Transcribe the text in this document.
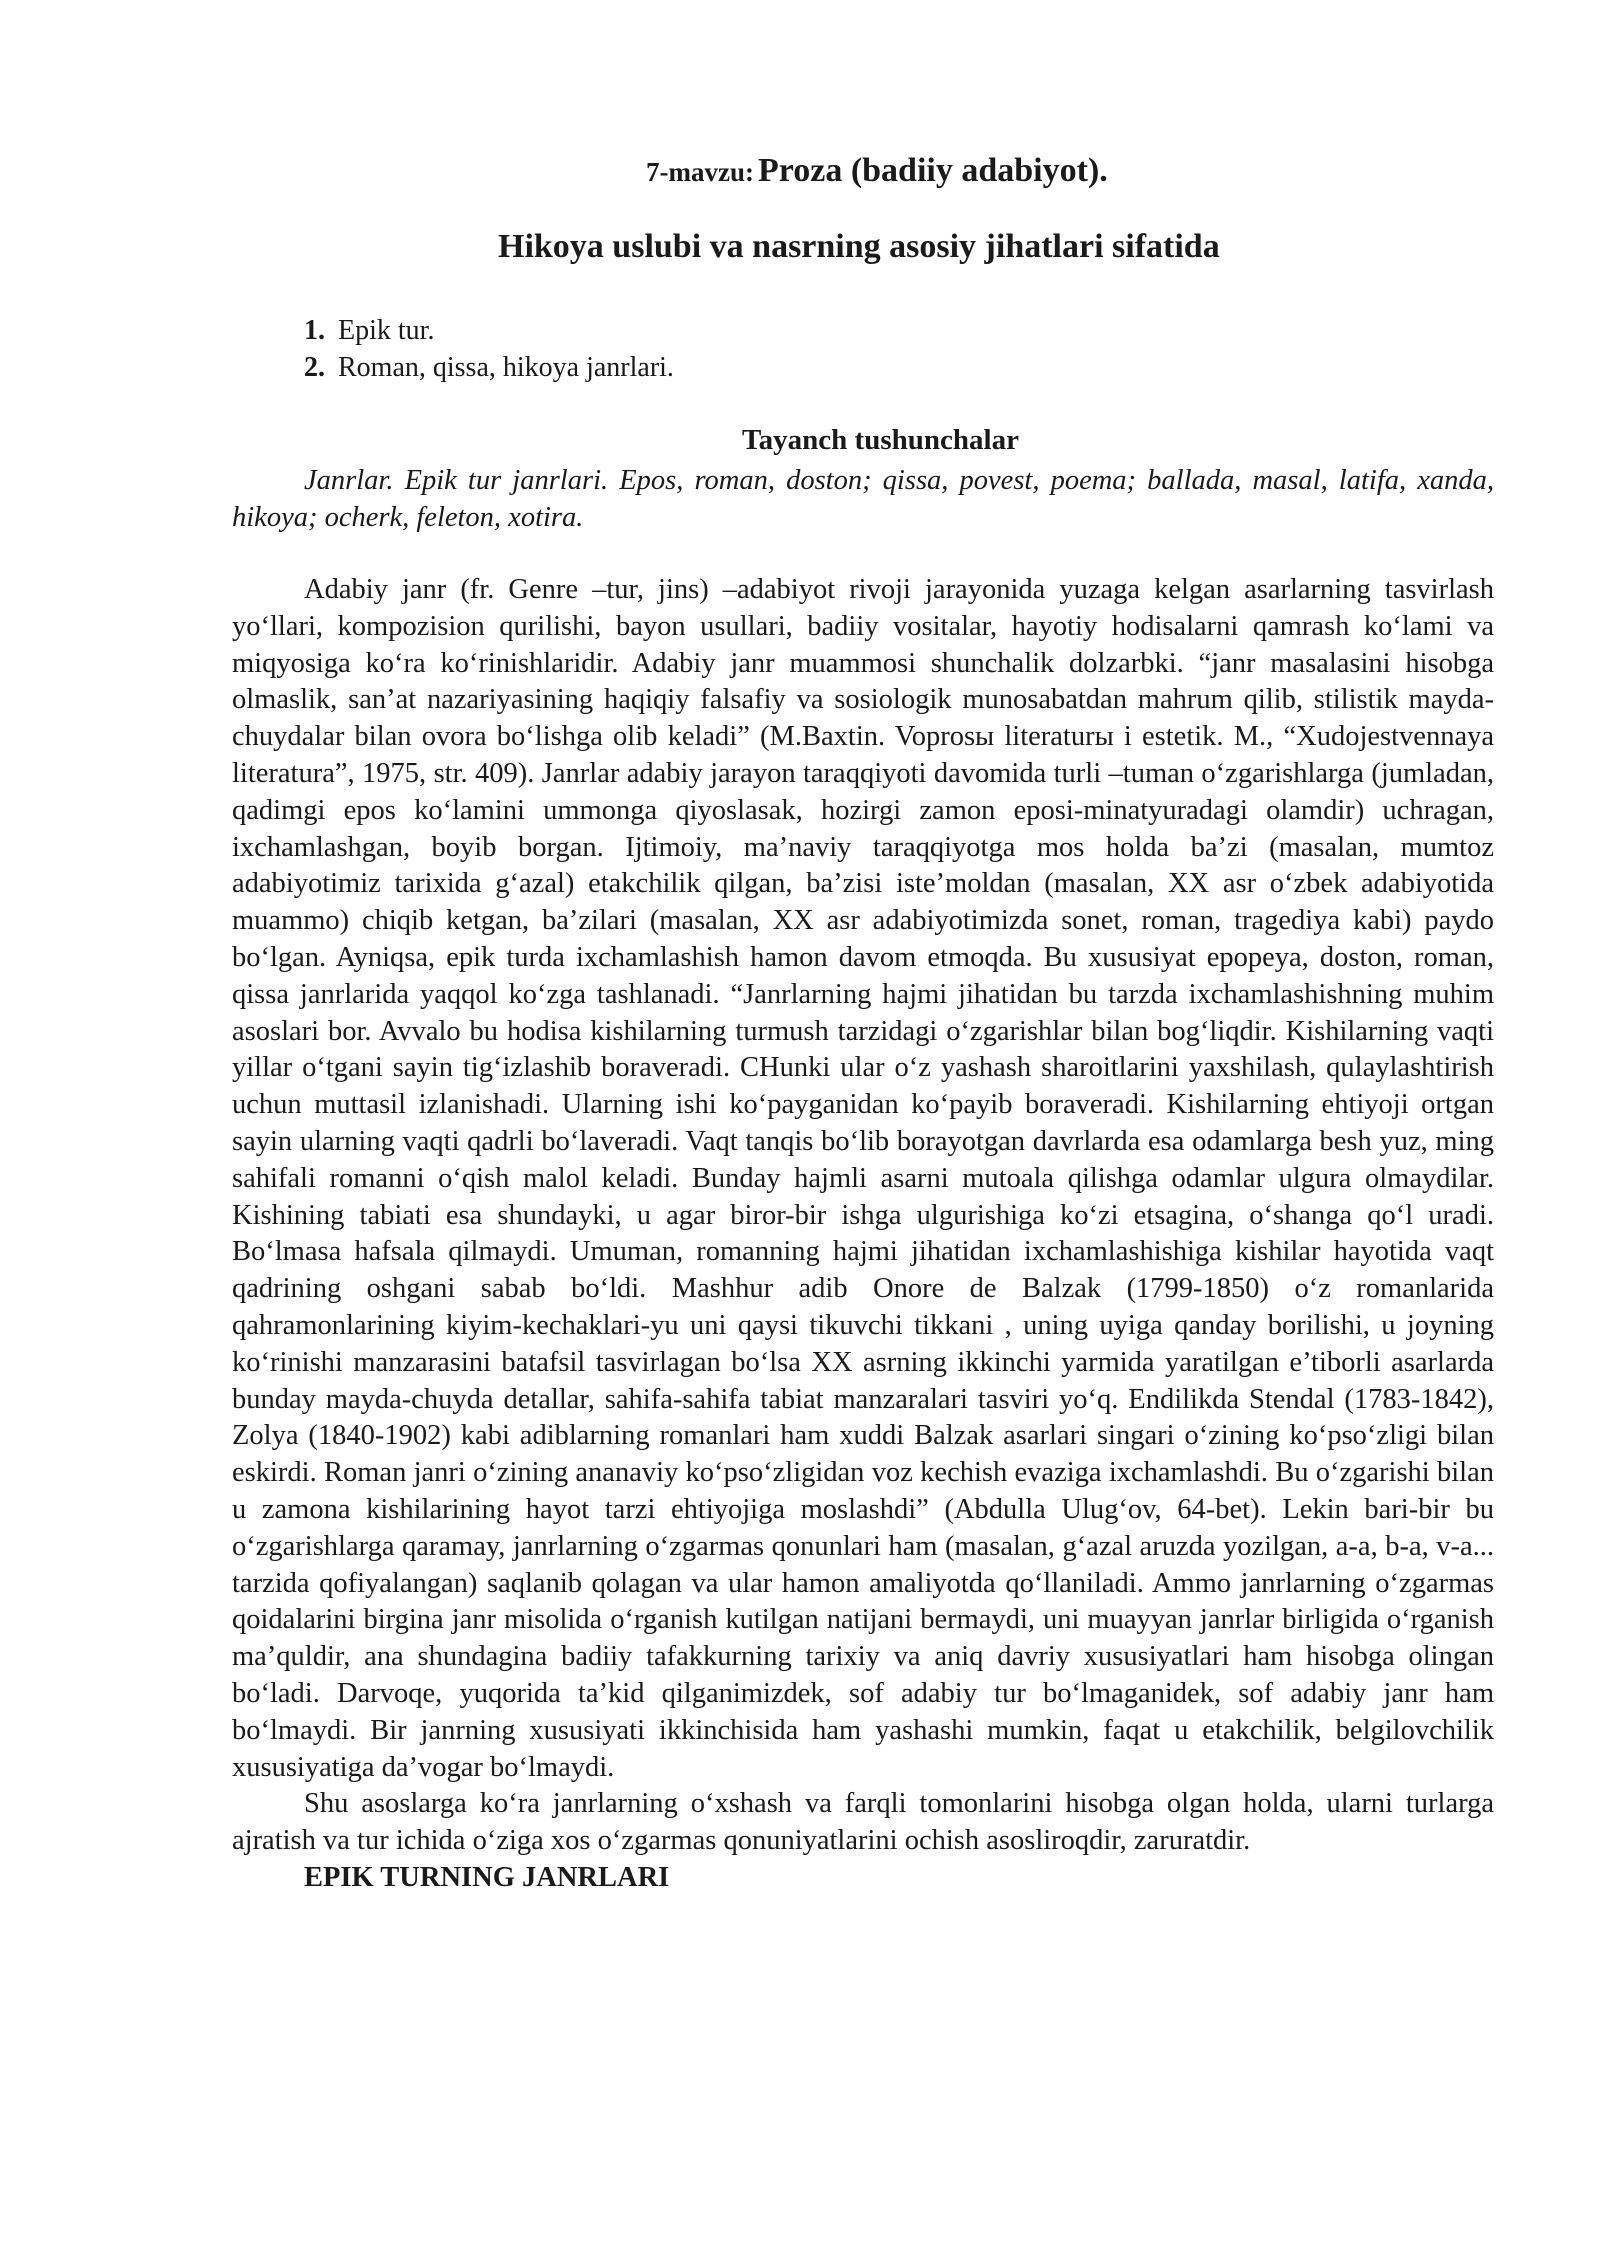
7-mavzu: Proza (badiiy adabiyot).
Hikoya uslubi va nasrning asosiy jihatlari sifatida
1. Epik tur.
2. Roman, qissa, hikoya janrlari.
Tayanch tushunchalar

Janrlar. Epik tur janrlari. Epos, roman, doston; qissa, povest, poema; ballada, masal, latifa, xanda, hikoya; ocherk, feleton, xotira.

Adabiy janr (fr. Genre –tur, jins) –adabiyot rivoji jarayonida yuzaga kelgan asarlarning tasvirlash yo‘llari, kompozision qurilishi, bayon usullari, badiiy vositalar, hayotiy hodisalarni qamrash ko‘lami va miqyosiga ko‘ra ko‘rinishlaridir. Adabiy janr muammosi shunchalik dolzarbki. “janr masalasini hisobga olmaslik, san’at nazariyasining haqiqiy falsafiy va sosiologik munosabatdan mahrum qilib, stilistik mayda-chuydalar bilan ovora bo‘lishga olib keladi” (M.Baxtin. Voprosы literaturы i estetik. M., “Xudojestvennaya literatura”, 1975, str. 409). Janrlar adabiy jarayon taraqqiyoti davomida turli –tuman o‘zgarishlarga (jumladan, qadimgi epos ko‘lamini ummonga qiyoslasak, hozirgi zamon eposi-minatyuradagi olamdir) uchragan, ixchamlashgan, boyib borgan. Ijtimoiy, ma’naviy taraqqiyotga mos holda ba’zi (masalan, mumtoz adabiyotimiz tarixida g‘azal) etakchilik qilgan, ba’zisi iste’moldan (masalan, XX asr o‘zbek adabiyotida muammo) chiqib ketgan, ba’zilari (masalan, XX asr adabiyotimizda sonet, roman, tragediya kabi) paydo bo‘lgan. Ayniqsa, epik turda ixchamlashish hamon davom etmoqda. Bu xususiyat epopeya, doston, roman, qissa janrlarida yaqqol ko‘zga tashlanadi. “Janrlarning hajmi jihatidan bu tarzda ixchamlashishning muhim asoslari bor. Avvalo bu hodisa kishilarning turmush tarzidagi o‘zgarishlar bilan bog‘liqdir. Kishilarning vaqti yillar o‘tgani sayin tig‘izlashib boraveradi. CHunki ular o‘z yashash sharoitlarini yaxshilash, qulaylashtirish uchun muttasil izlanishadi. Ularning ishi ko‘payganidan ko‘payib boraveradi. Kishilarning ehtiyoji ortgan sayin ularning vaqti qadrli bo‘laveradi. Vaqt tanqis bo‘lib borayotgan davrlarda esa odamlarga besh yuz, ming sahifali romanni o‘qish malol keladi. Bunday hajmli asarni mutoala qilishga odamlar ulgura olmaydilar. Kishining tabiati esa shundayki, u agar biror-bir ishga ulgurishiga ko‘zi etsagina, o‘shanga qo‘l uradi. Bo‘lmasa hafsala qilmaydi. Umuman, romanning hajmi jihatidan ixchamlashishiga kishilar hayotida vaqt qadrining oshgani sabab bo‘ldi. Mashhur adib Onore de Balzak (1799-1850) o‘z romanlarida qahramonlarining kiyim-kechaklari-yu uni qaysi tikuvchi tikkani , uning uyiga qanday borilishi, u joyning ko‘rinishi manzarasini batafsil tasvirlagan bo‘lsa XX asrning ikkinchi yarmida yaratilgan e’tiborli asarlarda bunday mayda-chuyda detallar, sahifa-sahifa tabiat manzaralari tasviri yo‘q. Endilikda Stendal (1783-1842), Zolya (1840-1902) kabi adiblarning romanlari ham xuddi Balzak asarlari singari o‘zining ko‘pso‘zligi bilan eskirdi. Roman janri o‘zining ananaviy ko‘pso‘zligidan voz kechish evaziga ixchamlashdi. Bu o‘zgarishi bilan u zamona kishilarining hayot tarzi ehtiyojiga moslashdi” (Abdulla Ulug‘ov, 64-bet). Lekin bari-bir bu o‘zgarishlarga qaramay, janrlarning o‘zgarmas qonunlari ham (masalan, g‘azal aruzda yozilgan, a-a, b-a, v-a... tarzida qofiyalangan) saqlanib qolagan va ular hamon amaliyotda qo‘llaniladi. Ammo janrlarning o‘zgarmas qoidalarini birgina janr misolida o‘rganish kutilgan natijani bermaydi, uni muayyan janrlar birligida o‘rganish ma’quldir, ana shundagina badiiy tafakkurning tarixiy va aniq davriy xususiyatlari ham hisobga olingan bo‘ladi. Darvoqe, yuqorida ta’kid qilganimizdek, sof adabiy tur bo‘lmaganidek, sof adabiy janr ham bo‘lmaydi. Bir janrning xususiyati ikkinchisida ham yashashi mumkin, faqat u etakchilik, belgilovchilik xususiyatiga da’vogar bo‘lmaydi.

Shu asoslarga ko‘ra janrlarning o‘xshash va farqli tomonlarini hisobga olgan holda, ularni turlarga ajratish va tur ichida o‘ziga xos o‘zgarmas qonuniyatlarini ochish asosliroqdir, zaruratdir.

EPIK TURNING JANRLARI
